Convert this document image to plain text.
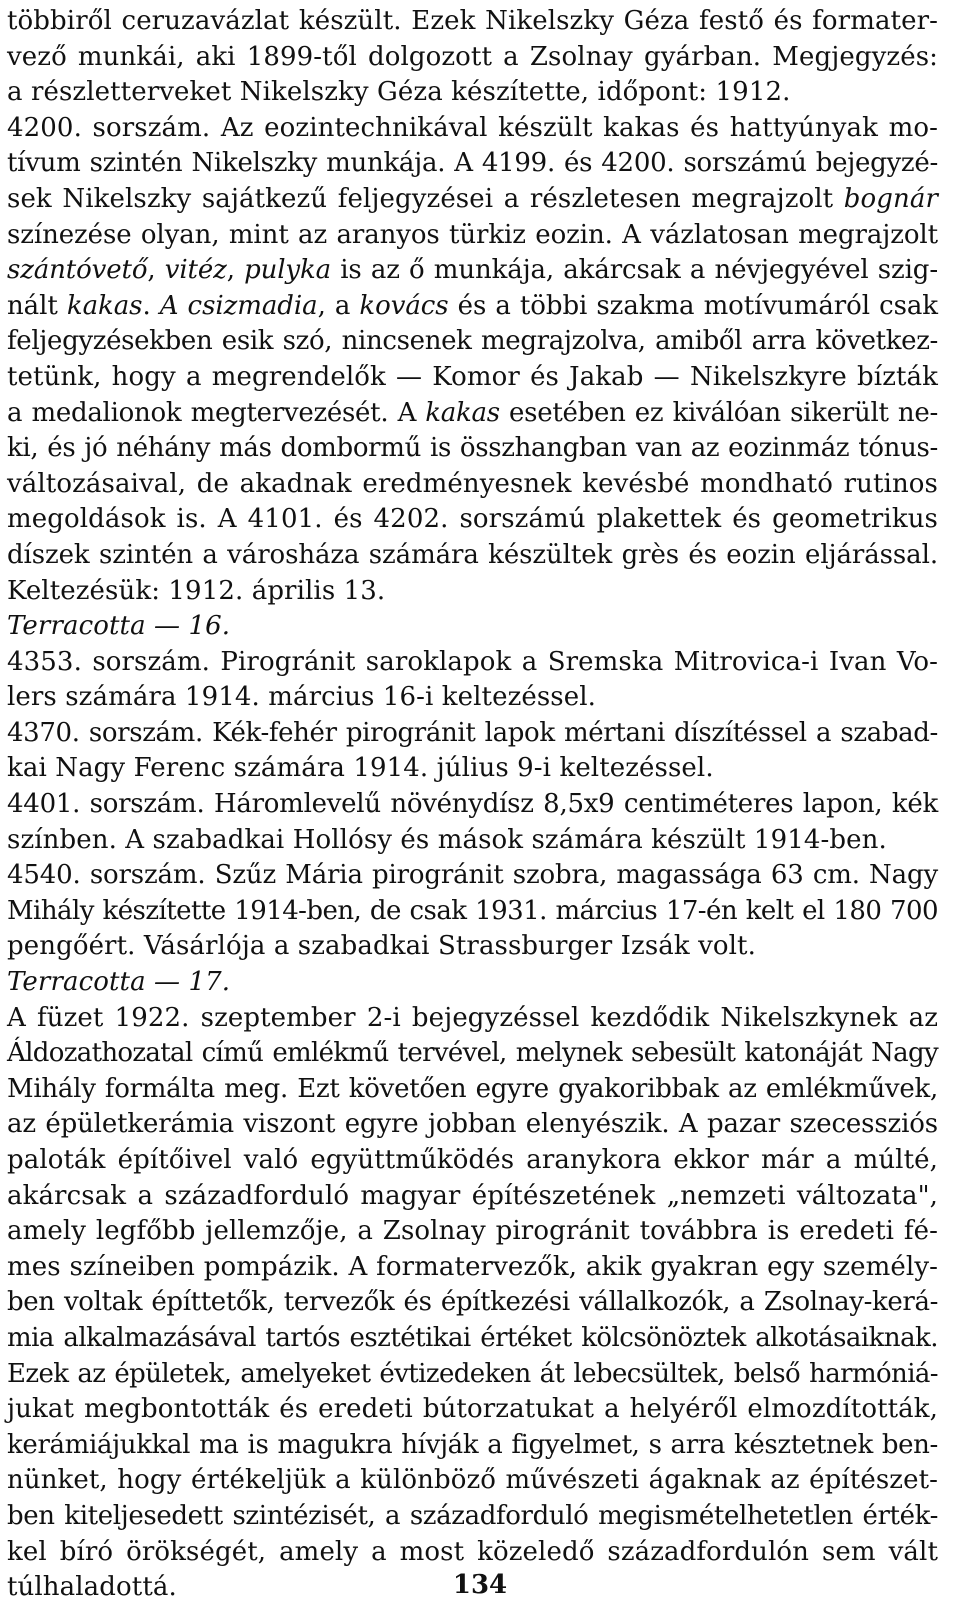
többiről ceruzavázlat készült. Ezek Nikelszky Géza festő és formater-
vező munkái, aki 1899-től dolgozott a Zsolnay gyárban. Megjegyzés:
a részletterveket Nikelszky Géza készítette, időpont: 1912.
4200. sorszám. Az eozintechnikával készült kakas és hattyúnyak mo-
tívum szintén Nikelszky munkája. A 4199. és 4200. sorszámú bejegyzé-
sek Nikelszky sajátkezű feljegyzései a részletesen megrajzolt bognár
színezése olyan, mint az aranyos türkiz eozin. A vázlatosan megrajzolt
szántóvető, vitéz, pulyka is az ő munkája, akárcsak a névjegyével szig-
nált kakas. A csizmadia, a kovács és a többi szakma motívumáról csak
feljegyzésekben esik szó, nincsenek megrajzolva, amiből arra következ-
tetünk, hogy a megrendelők — Komor és Jakab — Nikelszkyre bízták
a medalionok megtervezését. A kakas esetében ez kiválóan sikerült ne-
ki, és jó néhány más dombormű is összhangban van az eozinmáz tónus-
változásaival, de akadnak eredményesnek kevésbé mondható rutinos
megoldások is. A 4101. és 4202. sorszámú plakettek és geometrikus
díszek szintén a városháza számára készültek grès és eozin eljárással.
Keltezésük: 1912. április 13.
Terracotta — 16.
4353. sorszám. Pirogránit saroklapok a Sremska Mitrovica-i Ivan Vo-
lers számára 1914. március 16-i keltezéssel.
4370. sorszám. Kék-fehér pirogránit lapok mértani díszítéssel a szabad-
kai Nagy Ferenc számára 1914. július 9-i keltezéssel.
4401. sorszám. Háromlevelű növénydísz 8,5x9 centiméteres lapon, kék
színben. A szabadkai Hollósy és mások számára készült 1914-ben.
4540. sorszám. Szűz Mária pirogránit szobra, magassága 63 cm. Nagy
Mihály készítette 1914-ben, de csak 1931. március 17-én kelt el 180 700
pengőért. Vásárlója a szabadkai Strassburger Izsák volt.
Terracotta — 17.
A füzet 1922. szeptember 2-i bejegyzéssel kezdődik Nikelszkynek az
Áldozathozatal című emlékmű tervével, melynek sebesült katonáját Nagy
Mihály formálta meg. Ezt követően egyre gyakoribbak az emlékművek,
az épületkerámia viszont egyre jobban elenyészik. A pazar szecessziós
paloták építőivel való együttműködés aranykora ekkor már a múlté,
akárcsak a századforduló magyar építészetének „nemzeti változata",
amely legfőbb jellemzője, a Zsolnay pirogránit továbbra is eredeti fé-
mes színeiben pompázik. A formatervezők, akik gyakran egy személy-
ben voltak építtetők, tervezők és építkezési vállalkozók, a Zsolnay-kerá-
mia alkalmazásával tartós esztétikai értéket kölcsönöztek alkotásaiknak.
Ezek az épületek, amelyeket évtizedeken át lebecsültek, belső harmóniá-
jukat megbontották és eredeti bútorzatukat a helyéről elmozdították,
kerámiájukkal ma is magukra hívják a figyelmet, s arra késztetnek ben-
nünket, hogy értékeljük a különböző művészeti ágaknak az építészet-
ben kiteljesedett szintézisét, a századforduló megismételhetetlen érték-
kel bíró örökségét, amely a most közeledő századfordulón sem vált
túlhaladottá.	134
